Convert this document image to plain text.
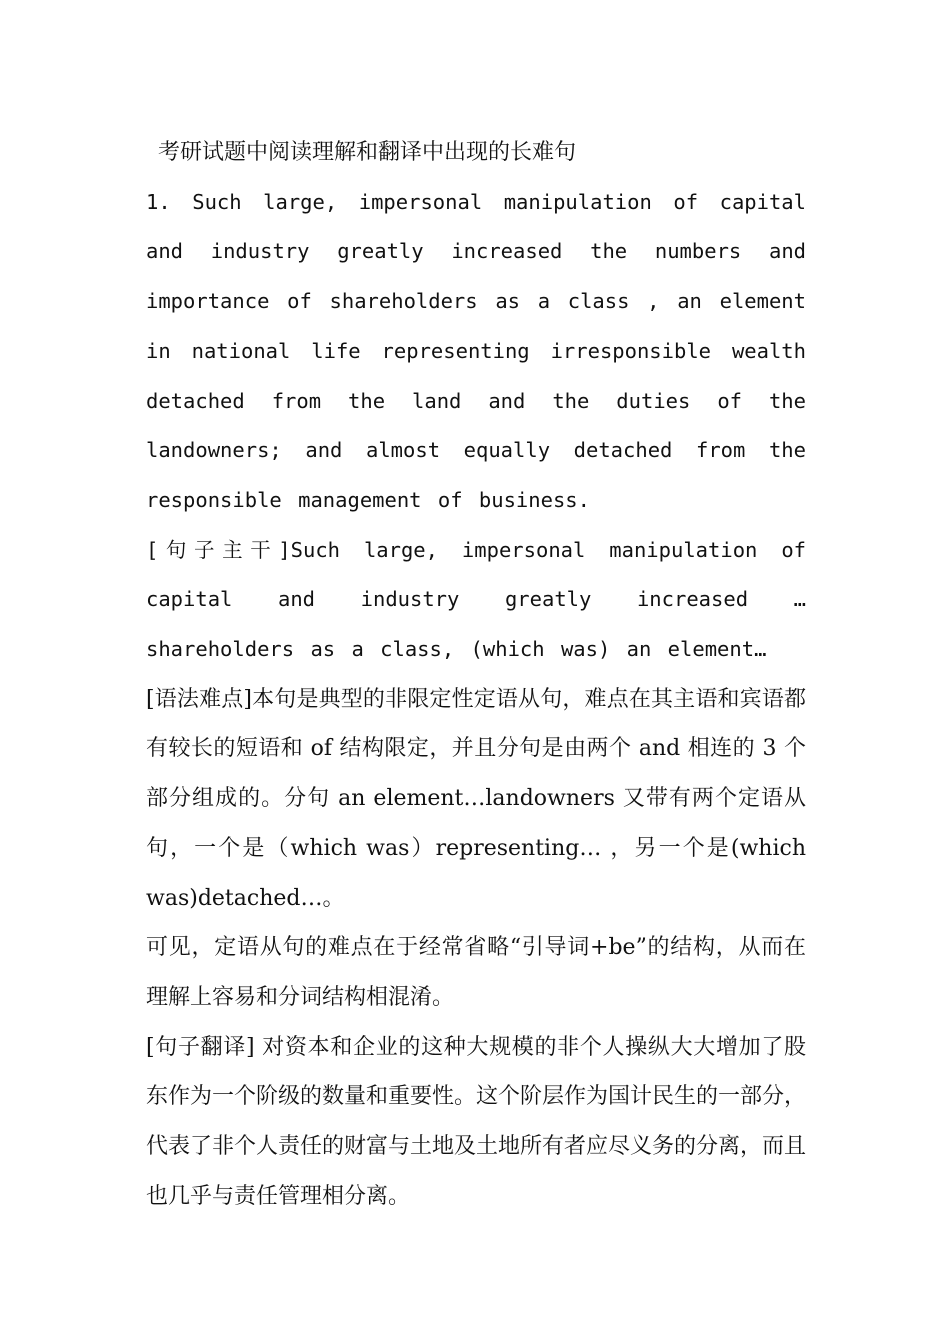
考研试题中阅读理解和翻译中出现的长难句

1. Such large, impersonal manipulation of capital and industry greatly increased the numbers and importance of shareholders as a class , an element in national life representing irresponsible wealth detached from the land and the duties of the landowners; and almost equally detached from the responsible management of business.

[句子主干]Such large, impersonal manipulation of capital and industry greatly increased … shareholders as a class, (which was) an element…

[语法难点]本句是典型的非限定性定语从句，难点在其主语和宾语都有较长的短语和 of 结构限定，并且分句是由两个 and 相连的 3 个部分组成的。分句 an element…landowners 又带有两个定语从句，一个是（which was）representing… ，另一个是(which was)detached…。

可见，定语从句的难点在于经常省略“引导词+be”的结构，从而在理解上容易和分词结构相混淆。

[句子翻译] 对资本和企业的这种大规模的非个人操纵大大增加了股东作为一个阶级的数量和重要性。这个阶层作为国计民生的一部分，代表了非个人责任的财富与土地及土地所有者应尽义务的分离，而且也几乎与责任管理相分离。
